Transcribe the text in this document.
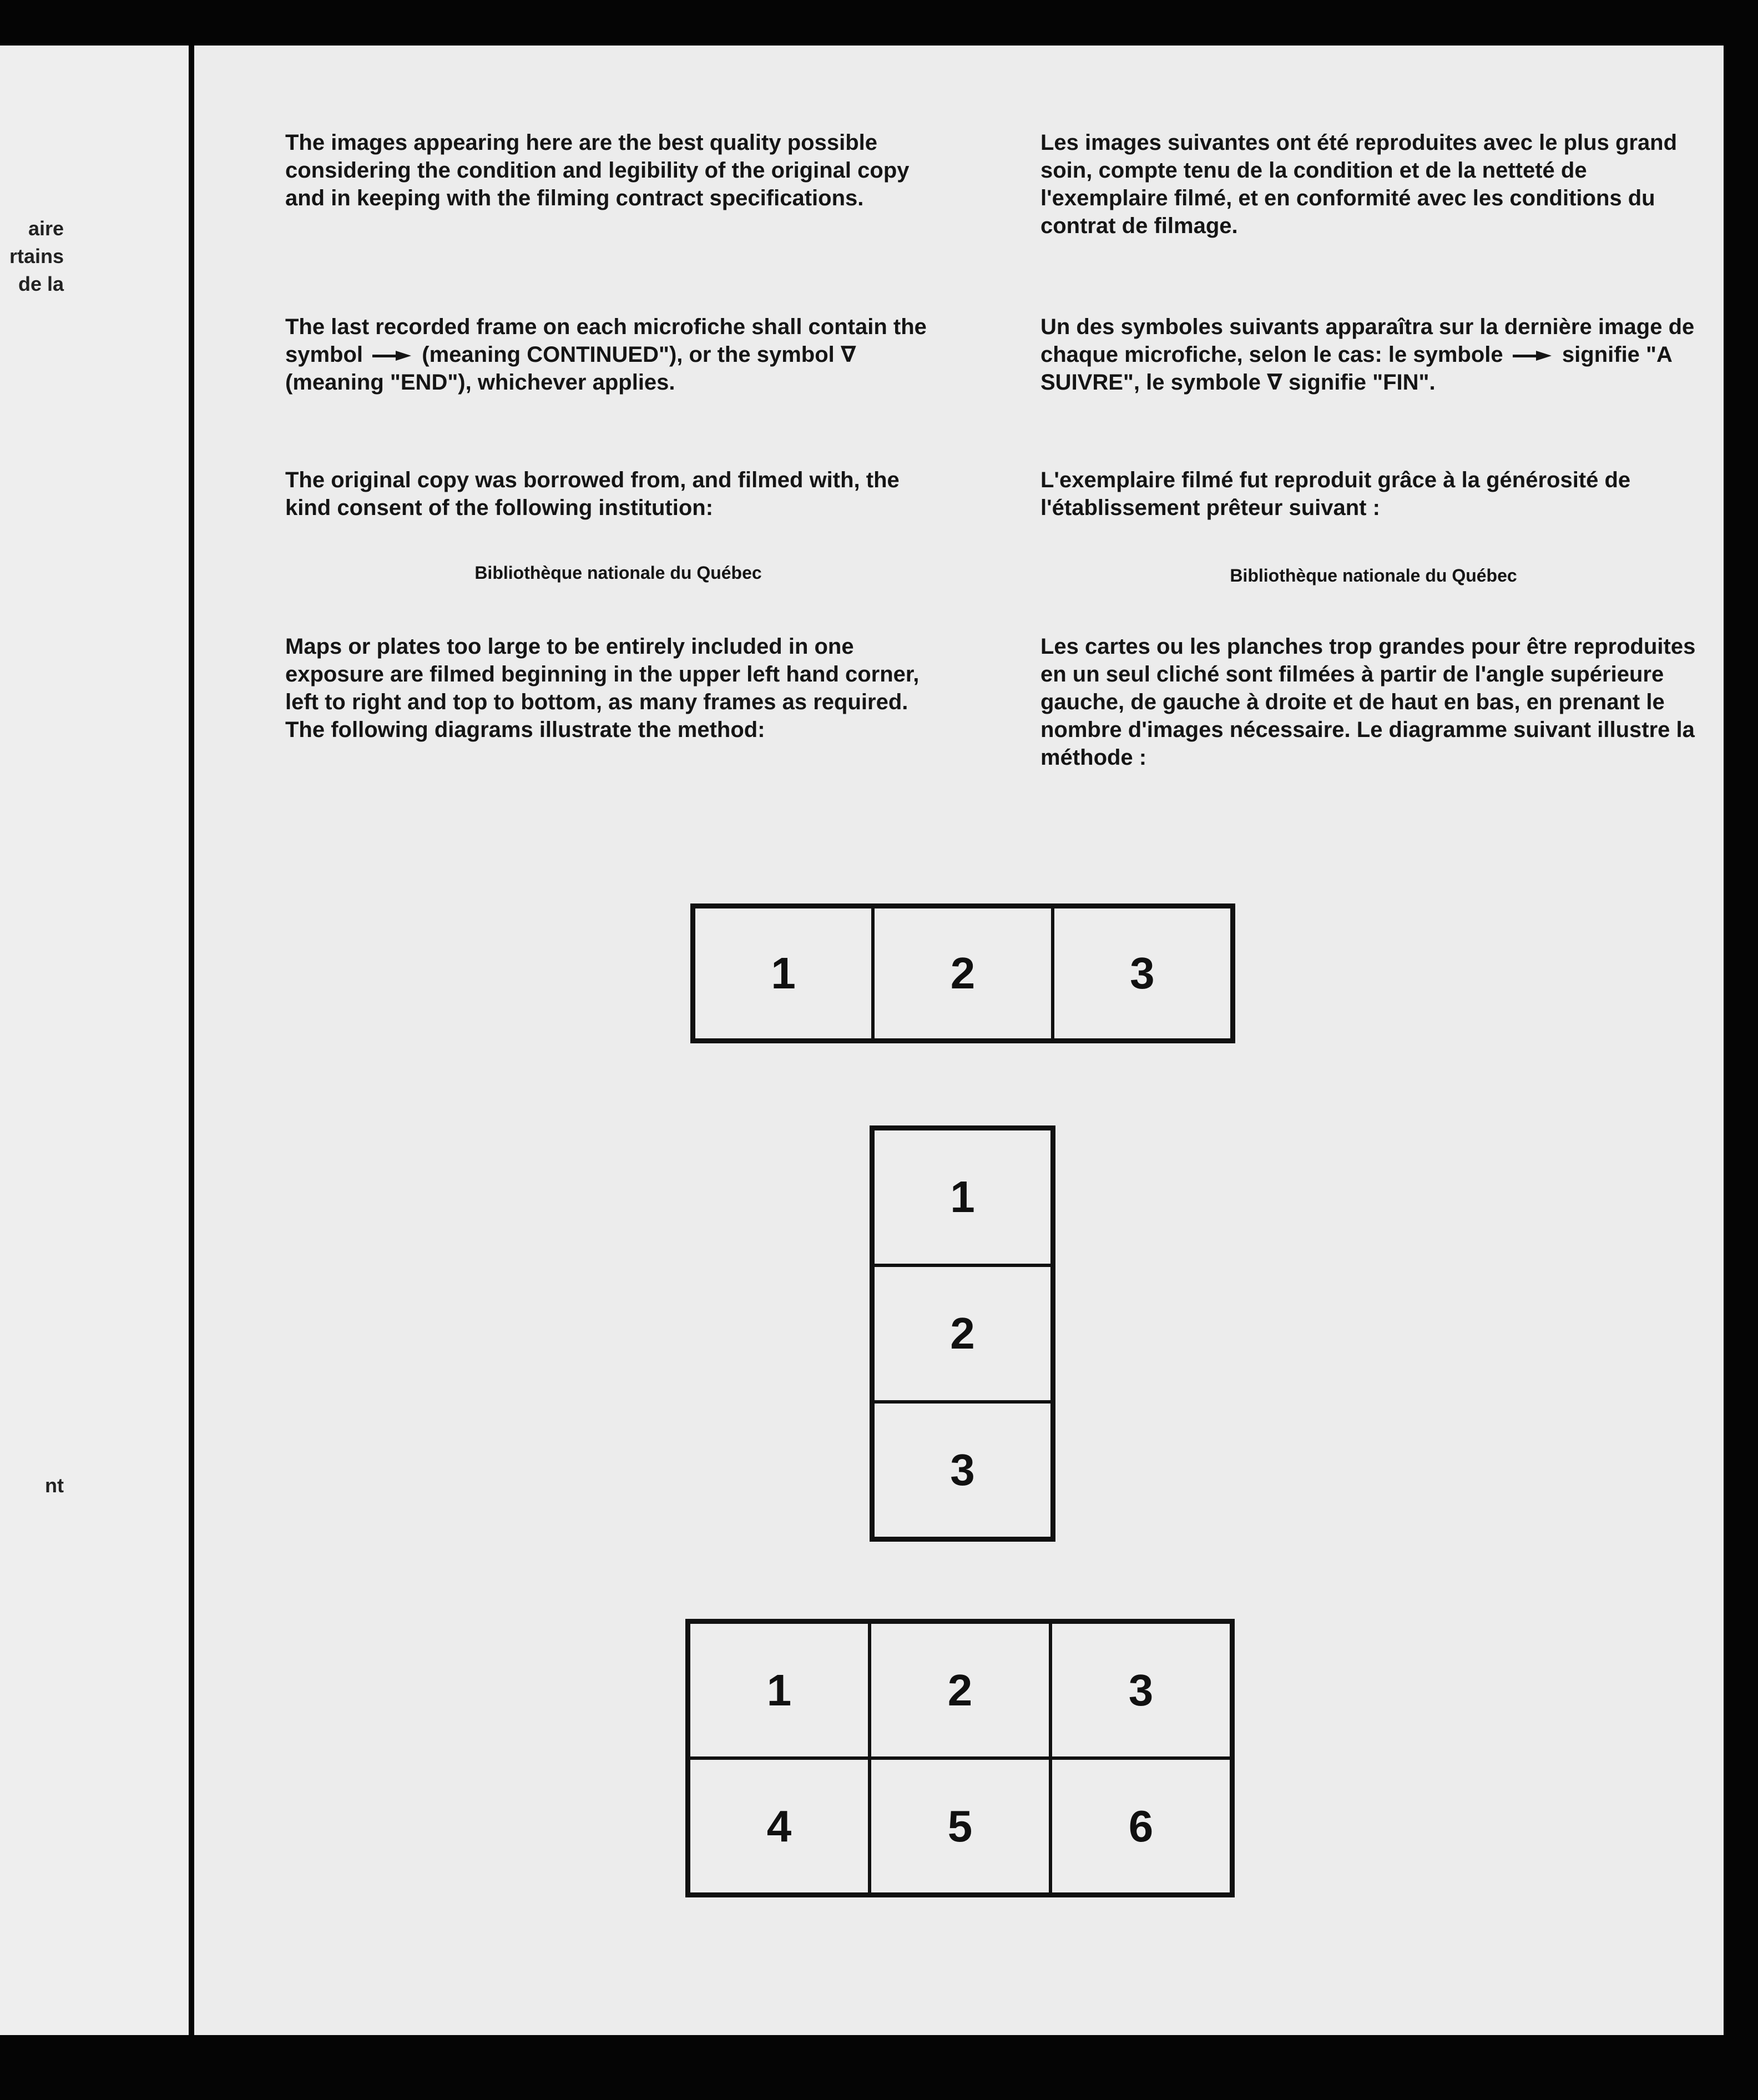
aire

rtains

de la

nt

The images appearing here are the best quality possible considering the condition and legibility of the original copy and in keeping with the filming contract specifications.

The last recorded frame on each microfiche shall contain the symbol	(meaning CONTINUED"), or the symbol ∇ (meaning "END"), whichever applies.

The original copy was borrowed from, and filmed with, the kind consent of the following institution:

Bibliothèque nationale du Québec

Maps or plates too large to be entirely included in one exposure are filmed beginning in the upper left hand corner, left to right and top to bottom, as many frames as required. The following diagrams illustrate the method:

Les images suivantes ont été reproduites avec le plus grand soin, compte tenu de la condition et de la netteté de l'exemplaire filmé, et en conformité avec les conditions du contrat de filmage.

Un des symboles suivants apparaîtra sur la dernière image de chaque microfiche, selon le cas: le symbole	signifie "A SUIVRE", le symbole ∇ signifie "FIN".

L'exemplaire filmé fut reproduit grâce à la générosité de l'établissement prêteur suivant :

Bibliothèque nationale du Québec

Les cartes ou les planches trop grandes pour être reproduites en un seul cliché sont filmées à partir de l'angle supérieure gauche, de gauche à droite et de haut en bas, en prenant le nombre d'images nécessaire. Le diagramme suivant illustre la méthode :

1	2	3
1
2
3
1	2	3
4	5	6
